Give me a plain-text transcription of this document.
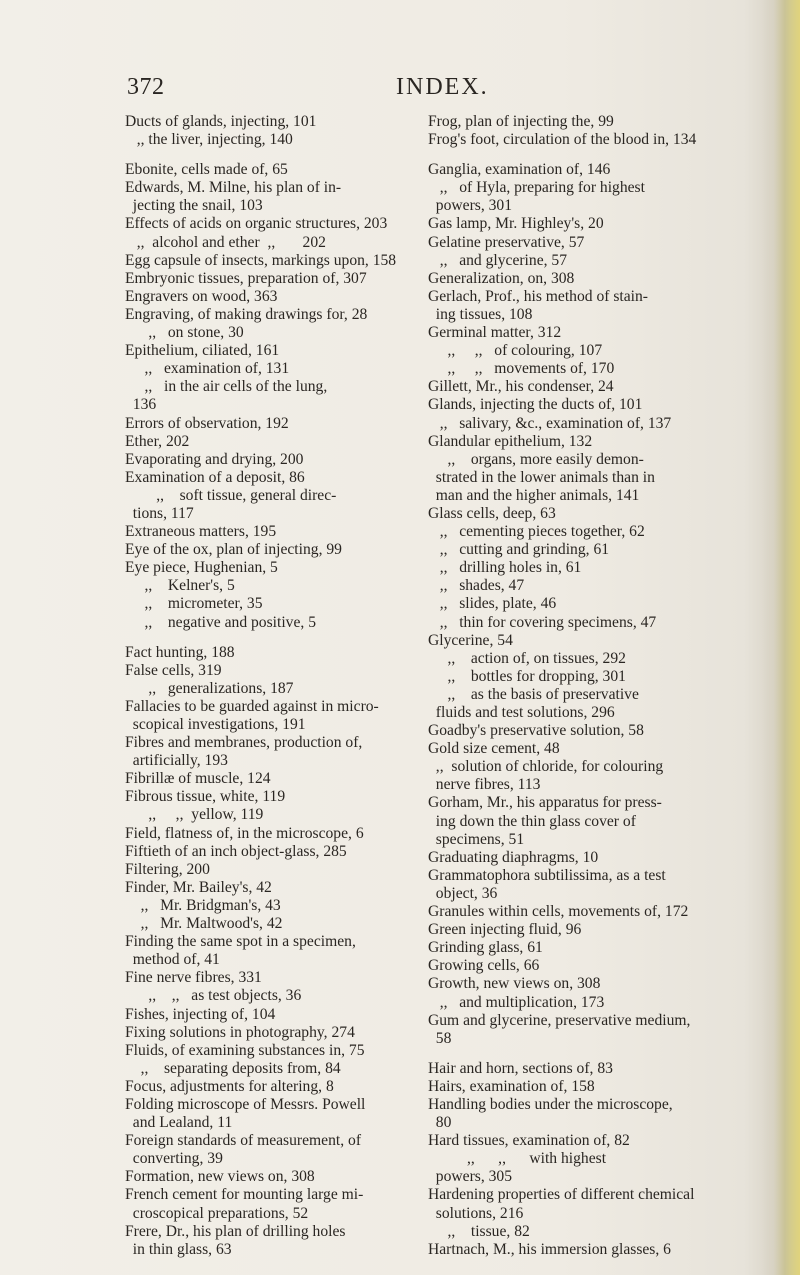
372	INDEX.

Ducts of glands, injecting, 101

,, the liver, injecting, 140

Ebonite, cells made of, 65

Edwards, M. Milne, his plan of in-

jecting the snail, 103

Effects of acids on organic structures, 203

,,  alcohol and ether  ,,       202

Egg capsule of insects, markings upon, 158

Embryonic tissues, preparation of, 307

Engravers on wood, 363

Engraving, of making drawings for, 28

,,   on stone, 30

Epithelium, ciliated, 161

,,   examination of, 131

,,   in the air cells of the lung,

136

Errors of observation, 192

Ether, 202

Evaporating and drying, 200

Examination of a deposit, 86

,,    soft tissue, general direc-

tions, 117

Extraneous matters, 195

Eye of the ox, plan of injecting, 99

Eye piece, Hughenian, 5

,,    Kelner's, 5

,,    micrometer, 35

,,    negative and positive, 5

Fact hunting, 188

False cells, 319

,,   generalizations, 187

Fallacies to be guarded against in micro-

scopical investigations, 191

Fibres and membranes, production of,

artificially, 193

Fibrillæ of muscle, 124

Fibrous tissue, white, 119

,,     ,,  yellow, 119

Field, flatness of, in the microscope, 6

Fiftieth of an inch object-glass, 285

Filtering, 200

Finder, Mr. Bailey's, 42

,,   Mr. Bridgman's, 43

,,   Mr. Maltwood's, 42

Finding the same spot in a specimen,

method of, 41

Fine nerve fibres, 331

,,    ,,   as test objects, 36

Fishes, injecting of, 104

Fixing solutions in photography, 274

Fluids, of examining substances in, 75

,,    separating deposits from, 84

Focus, adjustments for altering, 8

Folding microscope of Messrs. Powell

and Lealand, 11

Foreign standards of measurement, of

converting, 39

Formation, new views on, 308

French cement for mounting large mi-

croscopical preparations, 52

Frere, Dr., his plan of drilling holes

in thin glass, 63

Frog, plan of injecting the, 99

Frog's foot, circulation of the blood in, 134

Ganglia, examination of, 146

,,   of Hyla, preparing for highest

powers, 301

Gas lamp, Mr. Highley's, 20

Gelatine preservative, 57

,,   and glycerine, 57

Generalization, on, 308

Gerlach, Prof., his method of stain-

ing tissues, 108

Germinal matter, 312

,,     ,,   of colouring, 107

,,     ,,   movements of, 170

Gillett, Mr., his condenser, 24

Glands, injecting the ducts of, 101

,,   salivary, &c., examination of, 137

Glandular epithelium, 132

,,    organs, more easily demon-

strated in the lower animals than in

man and the higher animals, 141

Glass cells, deep, 63

,,   cementing pieces together, 62

,,   cutting and grinding, 61

,,   drilling holes in, 61

,,   shades, 47

,,   slides, plate, 46

,,   thin for covering specimens, 47

Glycerine, 54

,,    action of, on tissues, 292

,,    bottles for dropping, 301

,,    as the basis of preservative

fluids and test solutions, 296

Goadby's preservative solution, 58

Gold size cement, 48

,,  solution of chloride, for colouring

nerve fibres, 113

Gorham, Mr., his apparatus for press-

ing down the thin glass cover of

specimens, 51

Graduating diaphragms, 10

Grammatophora subtilissima, as a test

object, 36

Granules within cells, movements of, 172

Green injecting fluid, 96

Grinding glass, 61

Growing cells, 66

Growth, new views on, 308

,,   and multiplication, 173

Gum and glycerine, preservative medium,

58

Hair and horn, sections of, 83

Hairs, examination of, 158

Handling bodies under the microscope,

80

Hard tissues, examination of, 82

,,      ,,      with highest

powers, 305

Hardening properties of different chemical

solutions, 216

,,    tissue, 82

Hartnach, M., his immersion glasses, 6
